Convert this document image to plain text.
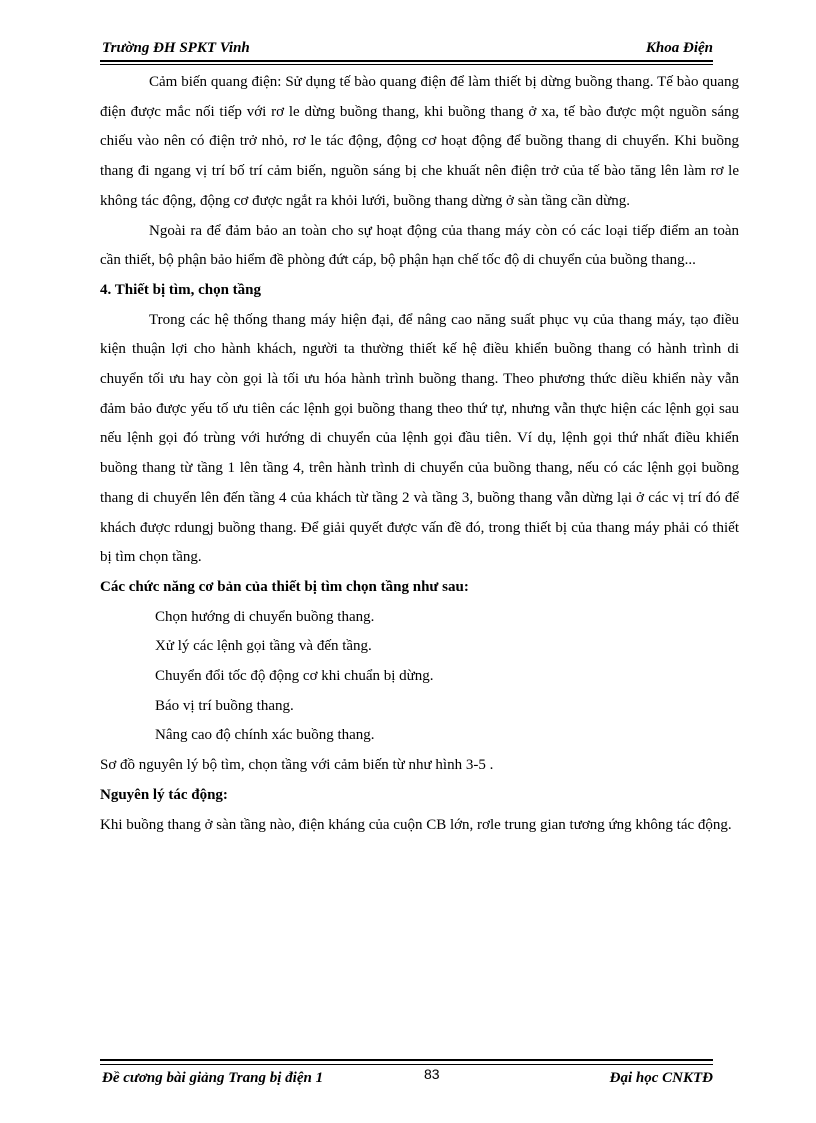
Trường ĐH SPKT Vinh	Khoa Điện

Cảm biến quang điện: Sử dụng tế bào quang điện để làm thiết bị dừng buồng thang. Tế bào quang điện được mắc nối tiếp với rơ le dừng buồng thang, khi buồng thang ở xa, tế bào được một nguồn sáng chiếu vào nên có điện trở nhỏ, rơ le tác động, động cơ hoạt động để buồng thang di chuyển. Khi buồng thang đi ngang vị trí bố trí cảm biến, nguồn sáng bị che khuất nên điện trở của tế bào tăng lên làm rơ le không tác động, động cơ được ngắt ra khỏi lưới, buồng thang dừng ở sàn tầng cần dừng.

Ngoài ra để đảm bảo an toàn cho sự hoạt động của thang máy còn có các loại tiếp điểm an toàn cần thiết, bộ phận bảo hiểm đề phòng đứt cáp, bộ phận hạn chế tốc độ di chuyển của buồng thang...

4. Thiết bị tìm, chọn tầng

Trong các hệ thống thang máy hiện đại, để nâng cao năng suất phục vụ của thang máy, tạo điều kiện thuận lợi cho hành khách, người ta thường thiết kế hệ điều khiển buồng thang có hành trình di chuyển tối ưu hay còn gọi là tối ưu hóa hành trình buồng thang. Theo phương thức diều khiển này vẫn đảm bảo được yếu tố ưu tiên các lệnh gọi buồng thang theo thứ tự, nhưng vẫn thực hiện các lệnh gọi sau nếu lệnh gọi đó trùng với hướng di chuyển của lệnh gọi đầu tiên. Ví dụ, lệnh gọi thứ nhất điều khiển buồng thang từ tầng 1 lên tầng 4, trên hành trình di chuyển của buồng thang, nếu có các lệnh gọi buồng thang di chuyển lên đến tầng 4 của khách từ tầng 2 và tầng 3, buồng thang vẫn dừng lại ở các vị trí đó để khách được rdungj buồng thang. Để giải quyết được vấn đề đó, trong thiết bị của thang máy phải có thiết bị tìm chọn tầng.

Các chức năng cơ bản của thiết bị tìm chọn tầng như sau:

Chọn hướng di chuyển buồng thang.

Xử lý các lệnh gọi tầng và đến tầng.

Chuyển đổi tốc độ động cơ khi chuẩn bị dừng.

Báo vị trí buồng thang.

Nâng cao độ chính xác buồng thang.

Sơ đồ nguyên lý bộ tìm, chọn tầng với cảm biến từ như hình 3-5 .

Nguyên lý tác động:

Khi buồng thang ở sàn tầng nào, điện kháng của cuộn CB lớn, rơle trung gian tương ứng không tác động.

Đề cương bài giảng Trang bị điện 1	83	Đại học CNKTĐ
